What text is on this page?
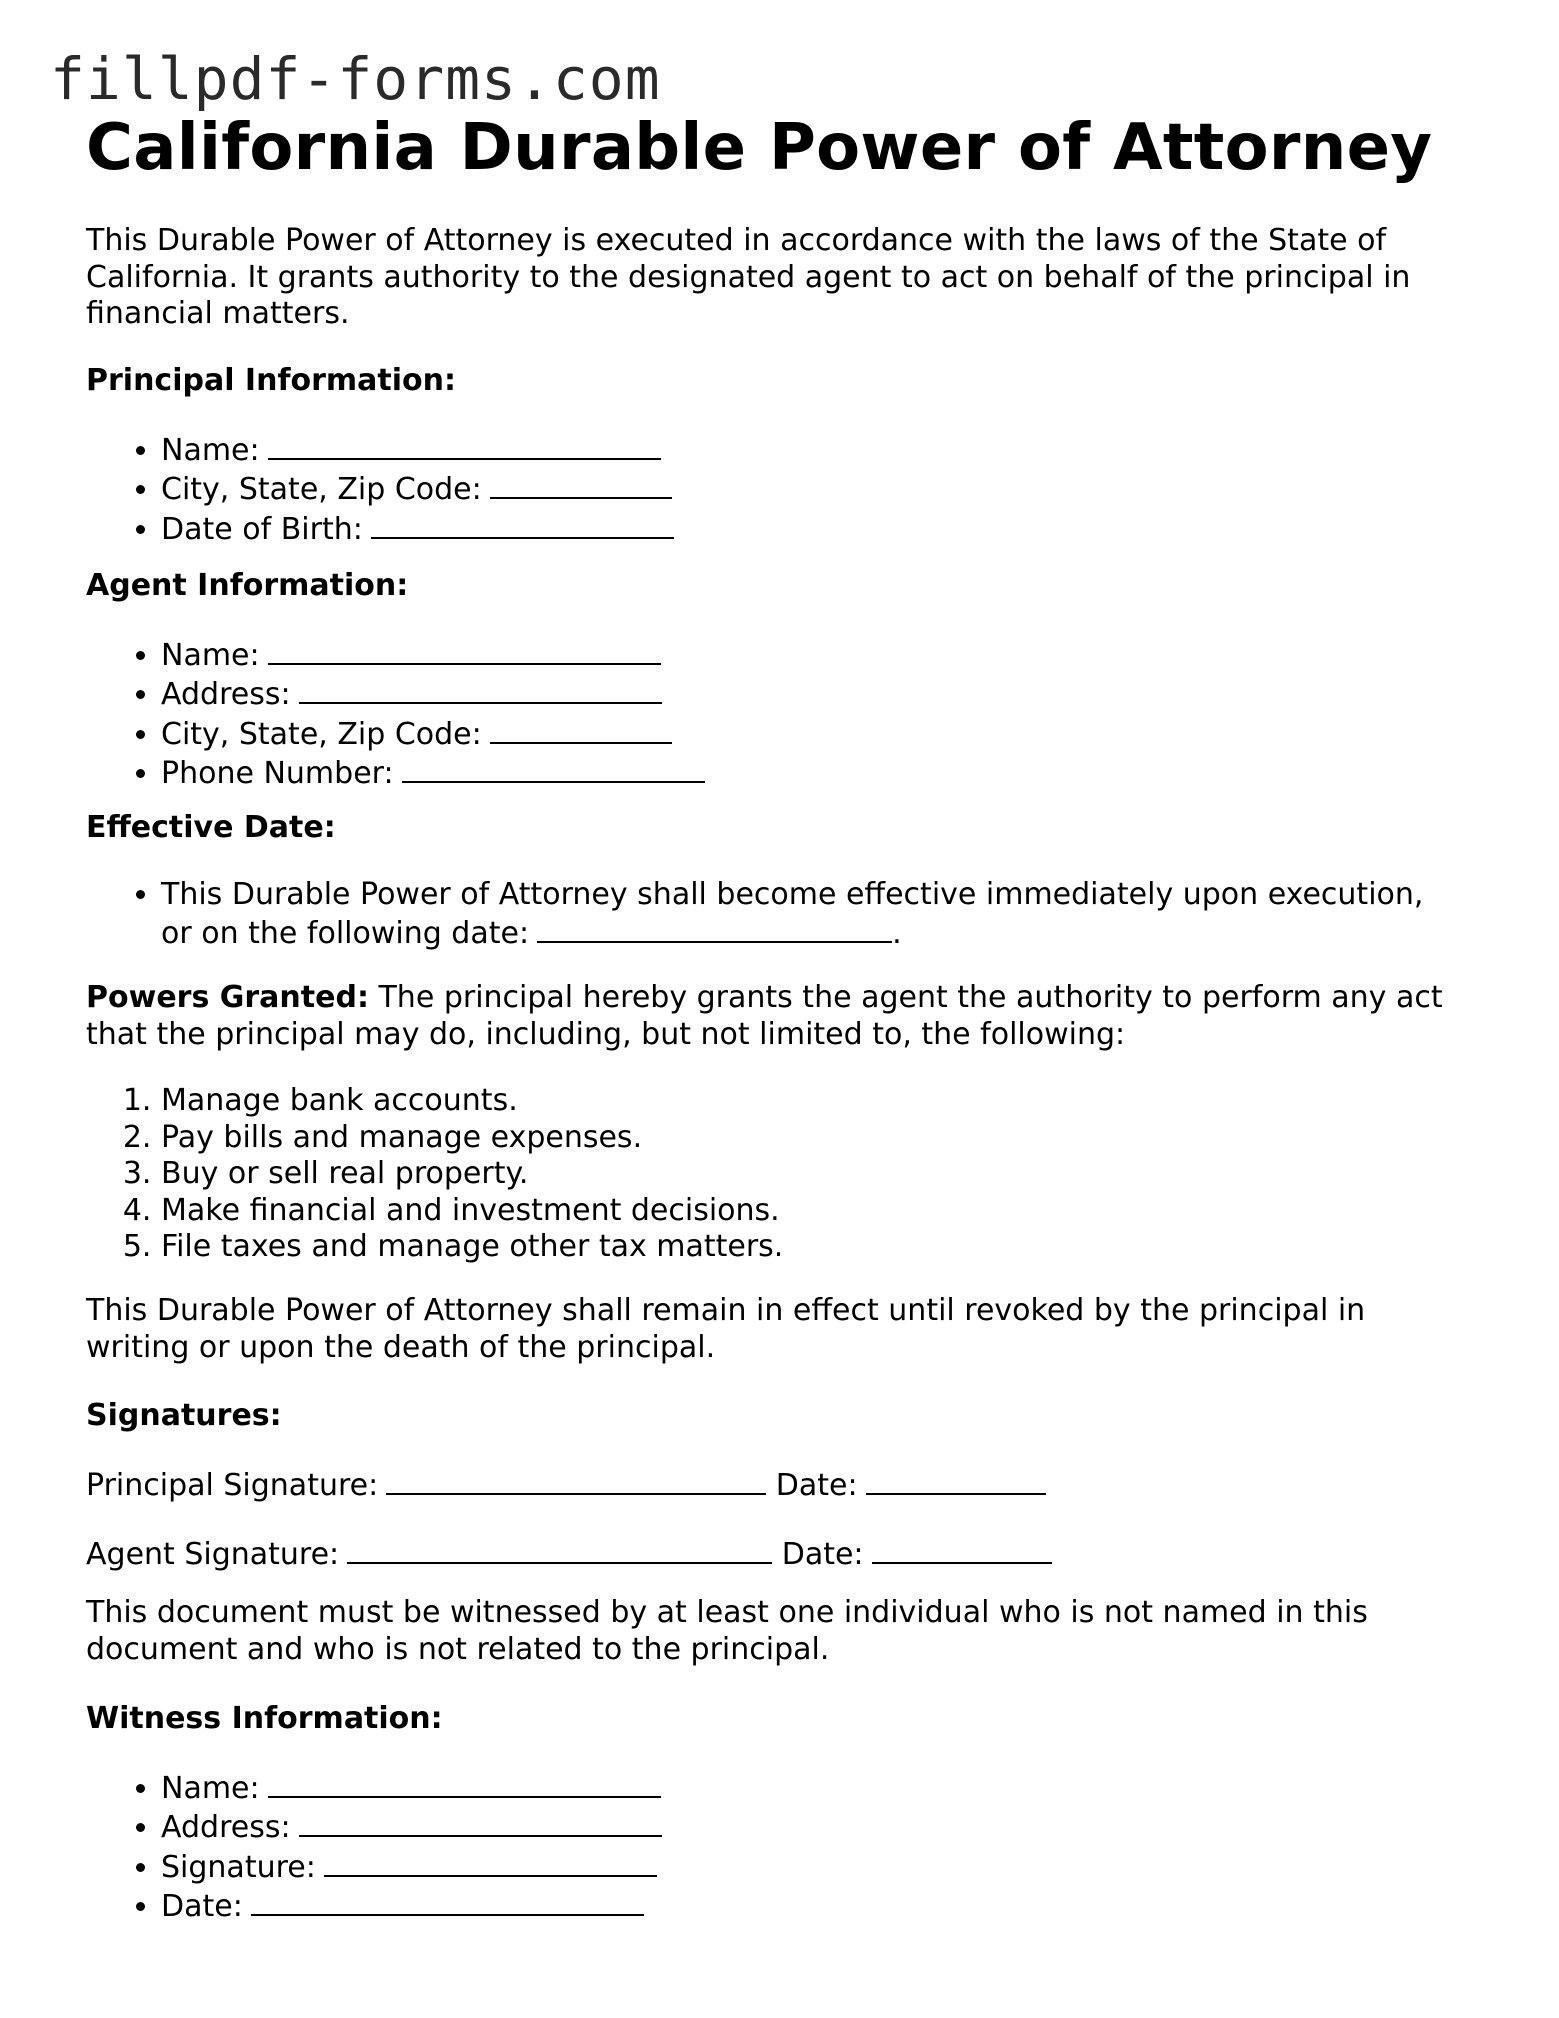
fillpdf-forms.com
California Durable Power of Attorney

This Durable Power of Attorney is executed in accordance with the laws of the State of California. It grants authority to the designated agent to act on behalf of the principal in financial matters.

Principal Information:

• Name:
• City, State, Zip Code:
• Date of Birth:

Agent Information:

• Name:
• Address:
• City, State, Zip Code:
• Phone Number:

Effective Date:

• This Durable Power of Attorney shall become effective immediately upon execution,
or on the following date:	.

Powers Granted: The principal hereby grants the agent the authority to perform any act that the principal may do, including, but not limited to, the following:

1. Manage bank accounts.
2. Pay bills and manage expenses.
3. Buy or sell real property.
4. Make financial and investment decisions.
5. File taxes and manage other tax matters.

This Durable Power of Attorney shall remain in effect until revoked by the principal in writing or upon the death of the principal.

Signatures:

Principal Signature:	Date:

Agent Signature:	Date:

This document must be witnessed by at least one individual who is not named in this document and who is not related to the principal.

Witness Information:

• Name:
• Address:
• Signature:
• Date:
